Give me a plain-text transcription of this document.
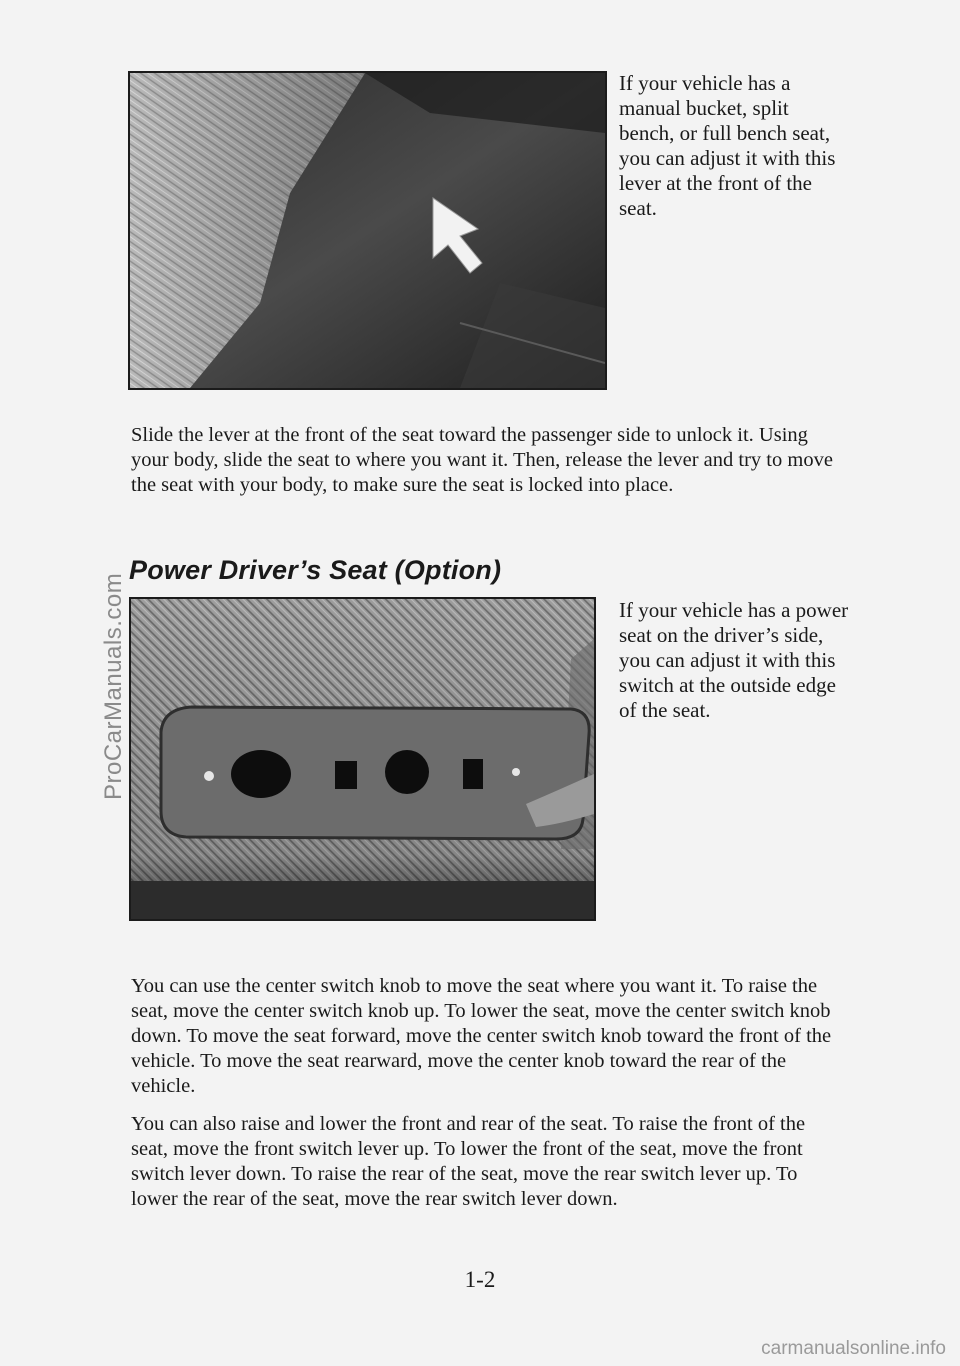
ProCarManuals.com
If your vehicle has a manual bucket, split bench, or full bench seat, you can adjust it with this lever at the front of the seat.

Slide the lever at the front of the seat toward the passenger side to unlock it. Using your body, slide the seat to where you want it. Then, release the lever and try to move the seat with your body, to make sure the seat is locked into place.

Power Driver’s Seat (Option)
If your vehicle has a power seat on the driver’s side, you can adjust it with this switch at the outside edge of the seat.

You can use the center switch knob to move the seat where you want it. To raise the seat, move the center switch knob up. To lower the seat, move the center switch knob down. To move the seat forward, move the center switch knob toward the front of the vehicle. To move the seat rearward, move the center knob toward the rear of the vehicle.

You can also raise and lower the front and rear of the seat. To raise the front of the seat, move the front switch lever up. To lower the front of the seat, move the front switch lever down. To raise the rear of the seat, move the rear switch lever up. To lower the rear of the seat, move the rear switch lever down.

1-2
carmanualsonline.info
